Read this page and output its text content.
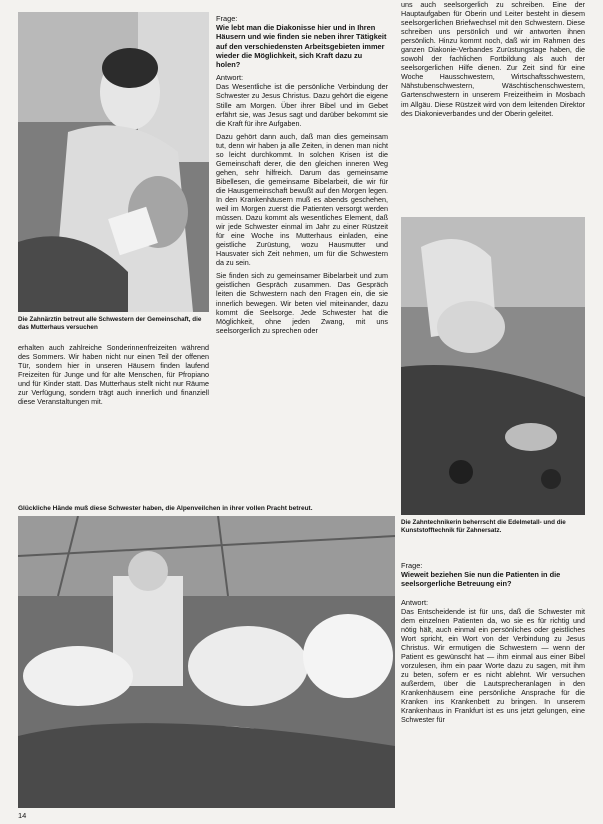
Die Zahnärztin betreut alle Schwestern der Gemeinschaft, die das Mutterhaus versuchen
erhalten auch zahlreiche Sonderinnenfreizeiten während des Sommers. Wir haben nicht nur einen Teil der offenen Tür, sondern hier in unseren Häusern finden laufend Freizeiten für Junge und für alte Menschen, für Pfropiano und für Kinder statt. Das Mutterhaus stellt nicht nur Räume zur Verfügung, sondern trägt auch innerlich und finanziell diese Veranstaltungen mit.
Frage:
Wie lebt man die Diakonisse hier und in Ihren Häusern und wie finden sie neben ihrer Tätigkeit auf den verschiedensten Arbeitsgebieten immer wieder die Möglichkeit, sich Kraft dazu zu holen?
Antwort:
Das Wesentliche ist die persönliche Verbindung der Schwester zu Jesus Christus. Dazu gehört die eigene Stille am Morgen. Über ihrer Bibel und im Gebet erfährt sie, was Jesus sagt und darüber bekommt sie die Kraft für ihre Aufgaben.
Dazu gehört dann auch, daß man dies gemeinsam tut, denn wir haben ja alle Zeiten, in denen man nicht so leicht durchkommt. In solchen Krisen ist die Gemeinschaft derer, die den gleichen inneren Weg gehen, sehr hilfreich. Darum das gemeinsame Bibellesen, die gemeinsame Bibelarbeit, die wir für die Hausgemeinschaft bewußt auf den Morgen legen. In den Krankenhäusern muß es abends geschehen, weil im Morgen zuerst die Patienten versorgt werden müssen. Dazu kommt als wesentliches Element, daß wir jede Schwester einmal im Jahr zu einer Rüstzeit für eine Woche ins Mutterhaus einladen, eine geistliche Zurüstung, wozu Hausmutter und Hausvater sich Zeit nehmen, um für die Schwestern da zu sein.
Sie finden sich zu gemeinsamer Bibelarbeit und zum geistlichen Gespräch zusammen. Das Gespräch leiten die Schwestern nach den Fragen ein, die sie innerlich bewegen. Wir beten viel miteinander, dazu kommt die Seelsorge. Jede Schwester hat die Möglichkeit, ohne jeden Zwang, mit uns seelsorgerlich zu sprechen oder
uns auch seelsorgerlich zu schreiben. Eine der Hauptaufgaben für Oberin und Leiter besteht in diesem seelsorgerlichen Briefwechsel mit den Schwestern. Diese schreiben uns persönlich und wir antworten ihnen persönlich. Hinzu kommt noch, daß wir im Rahmen des ganzen Diakonie-Verbandes Zurüstungstage haben, die sowohl der fachlichen Fortbildung als auch der seelsorgerlichen Hilfe dienen. Zur Zeit sind für eine Woche Hausschwestern, Wirtschaftsschwestern, Nähstubenschwestern, Wäschtischenschwestern, Gartenschwestern in unserem Freizeitheim in Mosbach im Allgäu. Diese Rüstzeit wird von dem leitenden Direktor des Diakonieverbandes und der Oberin geleitet.
Die Zahntechnikerin beherrscht die Edelmetall- und die Kunststofftechnik für Zahnersatz.
Frage:
Wieweit beziehen Sie nun die Patienten in die seelsorgerliche Betreuung ein?
Antwort:
Das Entscheidende ist für uns, daß die Schwester mit dem einzelnen Patienten da, wo sie es für richtig und nötig hält, auch einmal ein persönliches oder geistliches Wort spricht, ein Wort von der Verbindung zu Jesus Christus. Wir ermutigen die Schwestern — wenn der Patient es gewünscht hat — ihm einmal aus einer Bibel vorzulesen, ihm ein paar Worte dazu zu sagen, mit ihm zu beten, sofern er es nicht ablehnt. Wir versuchen außerdem, über die Lautsprecheranlagen in den Krankenhäusern eine persönliche Ansprache für die Kranken ins Krankenbett zu bringen. In unserem Krankenhaus in Frankfurt ist es uns jetzt gelungen, eine Schwester für
Glückliche Hände muß diese Schwester haben, die Alpenveilchen in ihrer vollen Pracht betreut.
14
